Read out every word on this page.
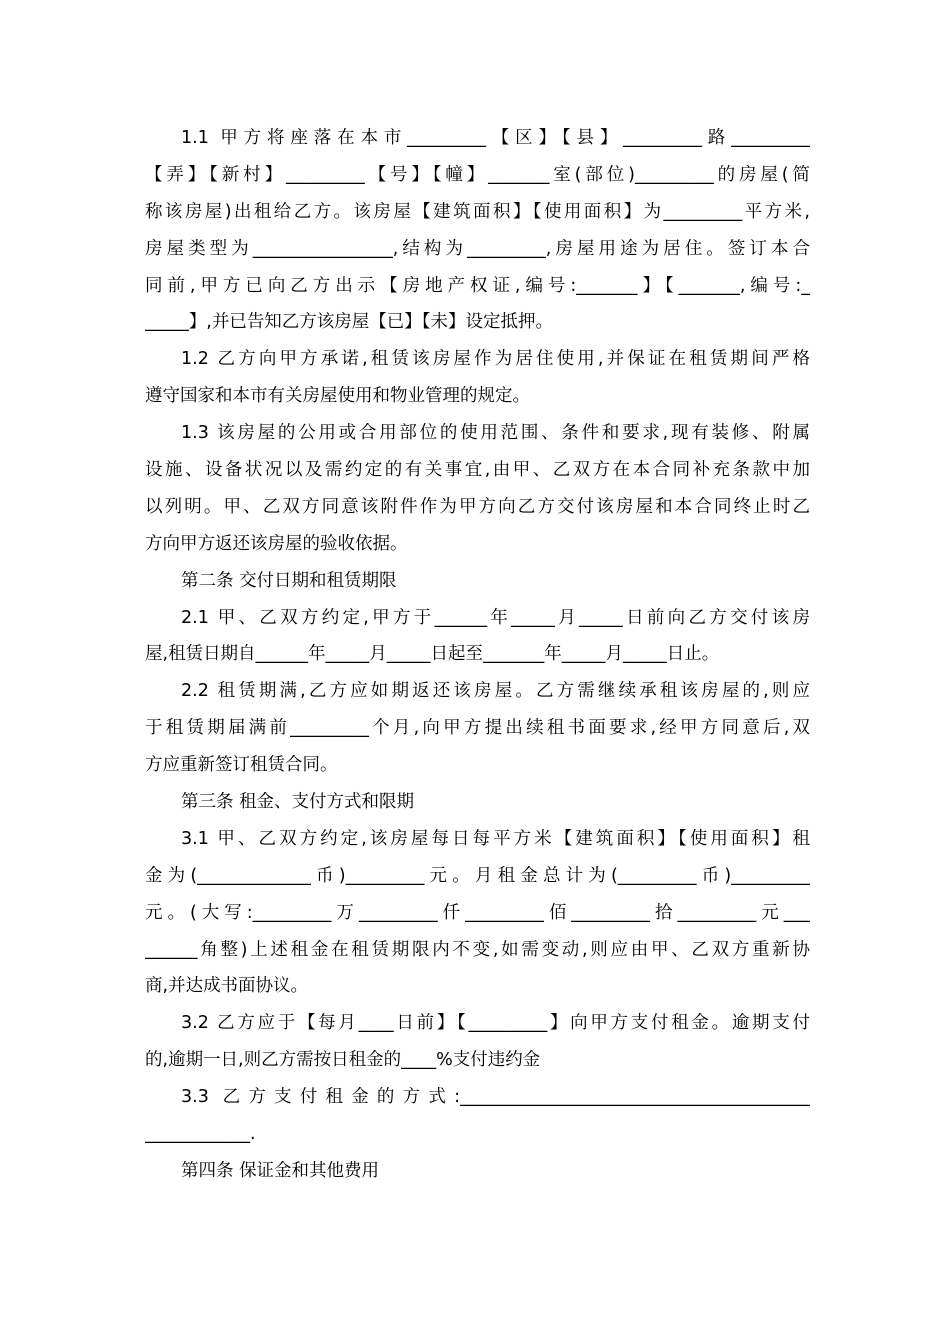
1.1 甲方将座落在本市_________【区】【县】_________路_________
【弄】【新村】_________【号】【幢】_______室(部位)_________的房屋(简
称该房屋)出租给乙方。该房屋【建筑面积】【使用面积】为_________平方米,
房屋类型为________________,结构为_________,房屋用途为居住。签订本合
同前,甲方已向乙方出示【房地产权证,编号:_______】【_______,编号:_
_____】,并已告知乙方该房屋【已】【未】设定抵押。
1.2 乙方向甲方承诺,租赁该房屋作为居住使用,并保证在租赁期间严格
遵守国家和本市有关房屋使用和物业管理的规定。
1.3 该房屋的公用或合用部位的使用范围、条件和要求,现有装修、附属
设施、设备状况以及需约定的有关事宜,由甲、乙双方在本合同补充条款中加
以列明。甲、乙双方同意该附件作为甲方向乙方交付该房屋和本合同终止时乙
方向甲方返还该房屋的验收依据。
第二条 交付日期和租赁期限
2.1 甲、乙双方约定,甲方于______年_____月_____日前向乙方交付该房
屋,租赁日期自______年_____月_____日起至_______年_____月_____日止。
2.2 租赁期满,乙方应如期返还该房屋。乙方需继续承租该房屋的,则应
于租赁期届满前_________个月,向甲方提出续租书面要求,经甲方同意后,双
方应重新签订租赁合同。
第三条 租金、支付方式和限期
3.1 甲、乙双方约定,该房屋每日每平方米【建筑面积】【使用面积】租
金为(_____________币)_________元。月租金总计为(_________币)_________
元。(大写:_________万_________仟_________佰_________拾_________元___
______角整)上述租金在租赁期限内不变,如需变动,则应由甲、乙双方重新协
商,并达成书面协议。
3.2 乙方应于【每月____日前】【_________】向甲方支付租金。逾期支付
的,逾期一日,则乙方需按日租金的____%支付违约金
3.3 乙方支付租金的方式:________________________________________
____________.
第四条 保证金和其他费用
